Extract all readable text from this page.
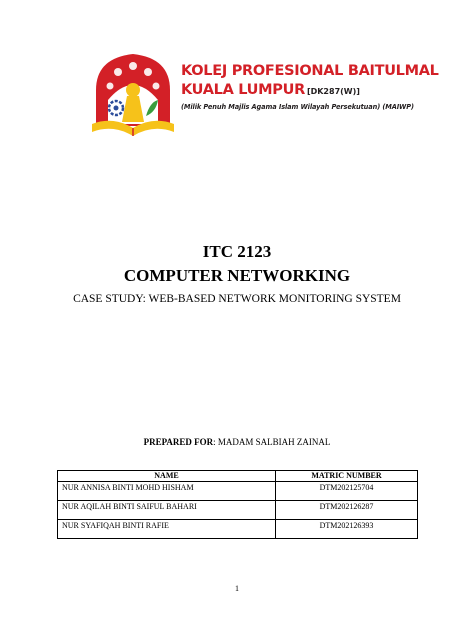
KOLEJ PROFESIONAL BAITULMAL
KUALA LUMPUR [DK287(W)]
(Milik Penuh Majlis Agama Islam Wilayah Persekutuan) (MAIWP)
ITC 2123
COMPUTER NETWORKING
CASE STUDY: WEB-BASED NETWORK MONITORING SYSTEM
PREPARED FOR: MADAM SALBIAH ZAINAL
NAME	MATRIC NUMBER
NUR ANNISA BINTI MOHD HISHAM	DTM202125704
NUR AQILAH BINTI SAIFUL BAHARI	DTM202126287
NUR SYAFIQAH BINTI RAFIE	DTM202126393
1
